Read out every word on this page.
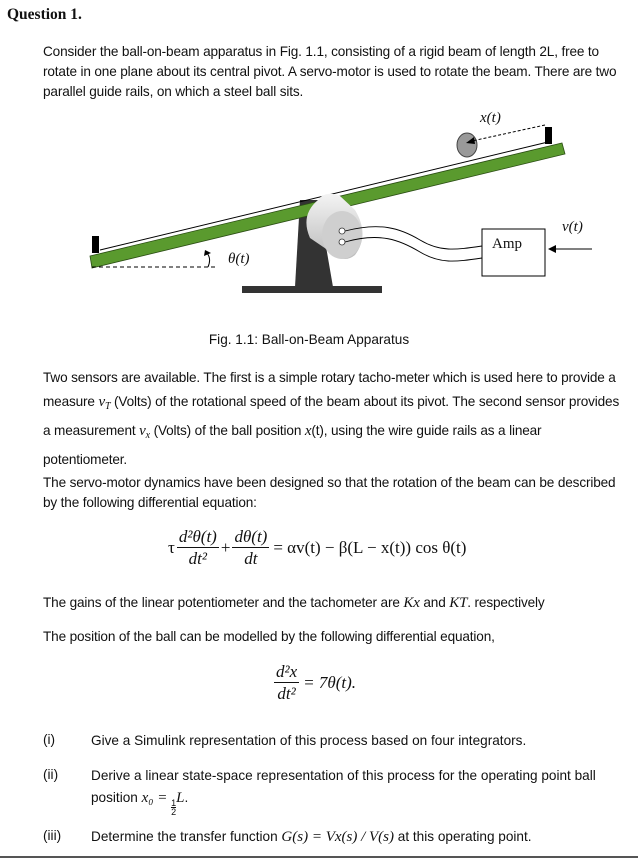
Question 1.
Consider the ball-on-beam apparatus in Fig. 1.1, consisting of a rigid beam of length 2L, free to rotate in one plane about its central pivot. A servo-motor is used to rotate the beam. There are two parallel guide rails, on which a steel ball sits.
x(t)
v(t)
θ(t)
Amp
Fig. 1.1: Ball-on-Beam Apparatus
Two sensors are available. The first is a simple rotary tacho-meter which is used here to provide a measure $v_T$ (Volts) of the rotational speed of the beam about its pivot. The second sensor provides a measurement $v_x$ (Volts) of the ball position x(t), using the wire guide rails as a linear potentiometer.
The servo-motor dynamics have been designed so that the rotation of the beam can be described by the following differential equation:
τ $\frac{\text{d²θ(t)}}{\text{dt²}} + \frac{d\theta(t)}{dt} = \alpha v(t) - \beta(L - x(t))$ cos θ(t)
The gains of the linear potentiometer and the tachometer are Kx and KT. respectively
The position of the ball can be modelled by the following differential equation,
$\frac{\text{d²x}}{\text{dt²}} = 7\theta(t)$.
(i)	Give a Simulink representation of this process based on four integrators.
(ii) Derive a linear state-space representation of this process for the operating point ball position x₀ =
$\frac{1}{2}$
L.
(iii) Determine the transfer function G(s) = Vx(s) / V(s) at this operating point.
